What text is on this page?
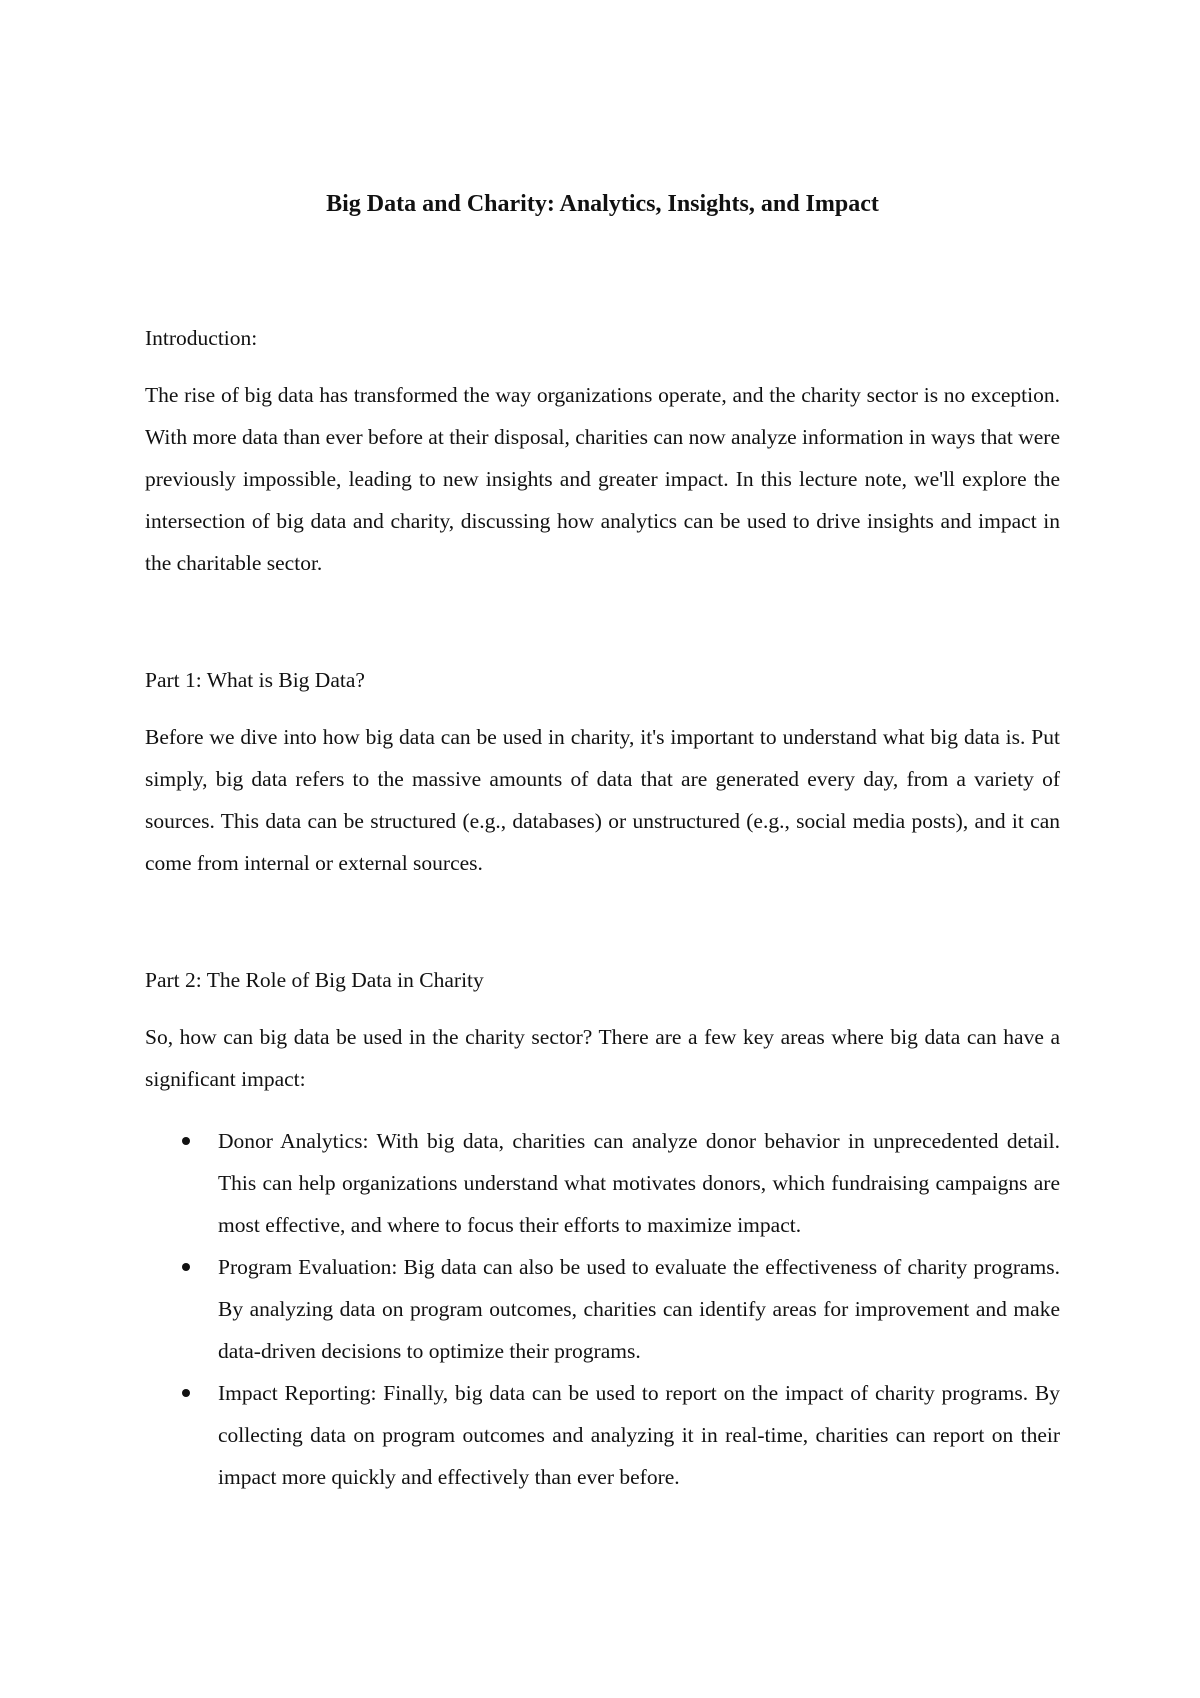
Big Data and Charity: Analytics, Insights, and Impact
Introduction:

The rise of big data has transformed the way organizations operate, and the charity sector is no exception. With more data than ever before at their disposal, charities can now analyze information in ways that were previously impossible, leading to new insights and greater impact. In this lecture note, we'll explore the intersection of big data and charity, discussing how analytics can be used to drive insights and impact in the charitable sector.

Part 1: What is Big Data?

Before we dive into how big data can be used in charity, it's important to understand what big data is. Put simply, big data refers to the massive amounts of data that are generated every day, from a variety of sources. This data can be structured (e.g., databases) or unstructured (e.g., social media posts), and it can come from internal or external sources.

Part 2: The Role of Big Data in Charity

So, how can big data be used in the charity sector? There are a few key areas where big data can have a significant impact:

Donor Analytics: With big data, charities can analyze donor behavior in unprecedented detail. This can help organizations understand what motivates donors, which fundraising campaigns are most effective, and where to focus their efforts to maximize impact.
Program Evaluation: Big data can also be used to evaluate the effectiveness of charity programs. By analyzing data on program outcomes, charities can identify areas for improvement and make data-driven decisions to optimize their programs.
Impact Reporting: Finally, big data can be used to report on the impact of charity programs. By collecting data on program outcomes and analyzing it in real-time, charities can report on their impact more quickly and effectively than ever before.
